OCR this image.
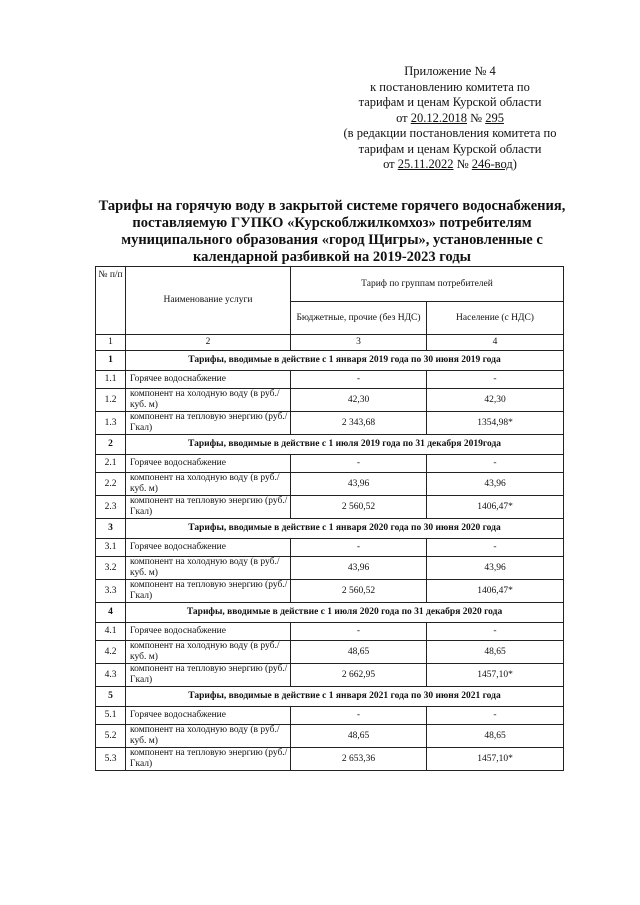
Приложение № 4
к постановлению комитета по
тарифам и ценам Курской области
от 20.12.2018 № 295
(в редакции постановления комитета по
тарифам и ценам Курской области
от 25.11.2022 № 246-вод)
Тарифы на горячую воду в закрытой системе горячего водоснабжения,
поставляемую ГУПКО «Курскоблжилкомхоз» потребителям
муниципального образования «город Щигры», установленные с
календарной разбивкой на 2019-2023 годы
№ п/п	Наименование услуги	Тариф по группам потребителей	
		Бюджетные, прочие (без НДС)	Население (с НДС)
1	2	3	4
1	Тарифы, вводимые в действие с 1 января 2019 года по 30 июня 2019 года		
1.1	Горячее водоснабжение	-	-
1.2	компонент на холодную воду (в руб./куб. м)	42,30	42,30
1.3	компонент на тепловую энергию (руб./Гкал)	2 343,68	1354,98*
2	Тарифы, вводимые в действие с 1 июля 2019 года по 31 декабря 2019года		
2.1	Горячее водоснабжение	-	-
2.2	компонент на холодную воду (в руб./куб. м)	43,96	43,96
2.3	компонент на тепловую энергию (руб./Гкал)	2 560,52	1406,47*
3	Тарифы, вводимые в действие с 1 января 2020 года по 30 июня 2020 года		
3.1	Горячее водоснабжение	-	-
3.2	компонент на холодную воду (в руб./куб. м)	43,96	43,96
3.3	компонент на тепловую энергию (руб./Гкал)	2 560,52	1406,47*
4	Тарифы, вводимые в действие с 1 июля 2020 года по 31 декабря 2020 года		
4.1	Горячее водоснабжение	-	-
4.2	компонент на холодную воду (в руб./куб. м)	48,65	48,65
4.3	компонент на тепловую энергию (руб./Гкал)	2 662,95	1457,10*
5	Тарифы, вводимые в действие с 1 января 2021 года по 30 июня 2021 года		
5.1	Горячее водоснабжение	-	-
5.2	компонент на холодную воду (в руб./куб. м)	48,65	48,65
5.3	компонент на тепловую энергию (руб./Гкал)	2 653,36	1457,10*
